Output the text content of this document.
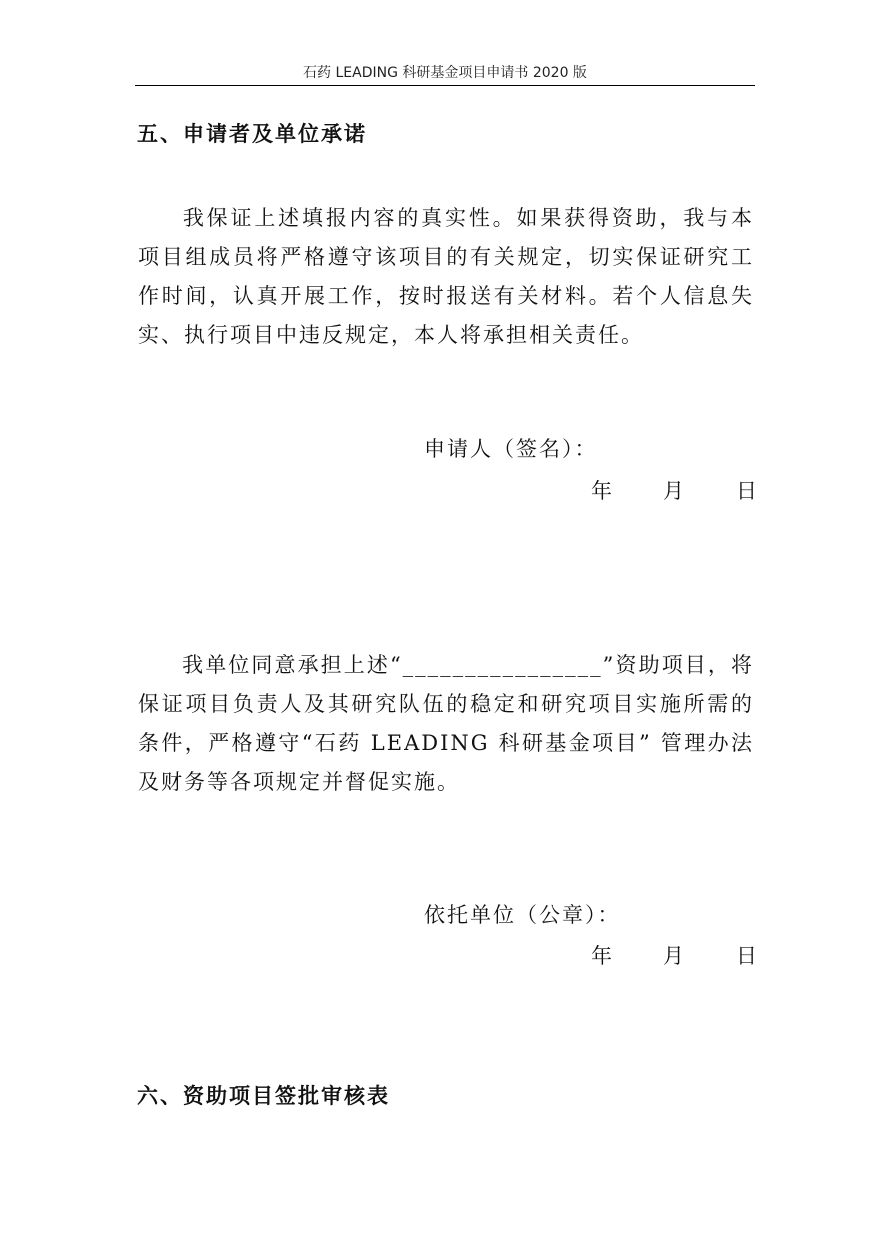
石药 LEADING 科研基金项目申请书 2020 版
五、申请者及单位承诺
我保证上述填报内容的真实性。如果获得资助，我与本项目组成员将严格遵守该项目的有关规定，切实保证研究工作时间，认真开展工作，按时报送有关材料。若个人信息失实、执行项目中违反规定，本人将承担相关责任。
申请人（签名）：
年 月 日
我单位同意承担上述“________________”资助项目，将保证项目负责人及其研究队伍的稳定和研究项目实施所需的条件，严格遵守“石药 LEADING 科研基金项目” 管理办法及财务等各项规定并督促实施。
依托单位（公章）：
年 月 日
六、资助项目签批审核表
